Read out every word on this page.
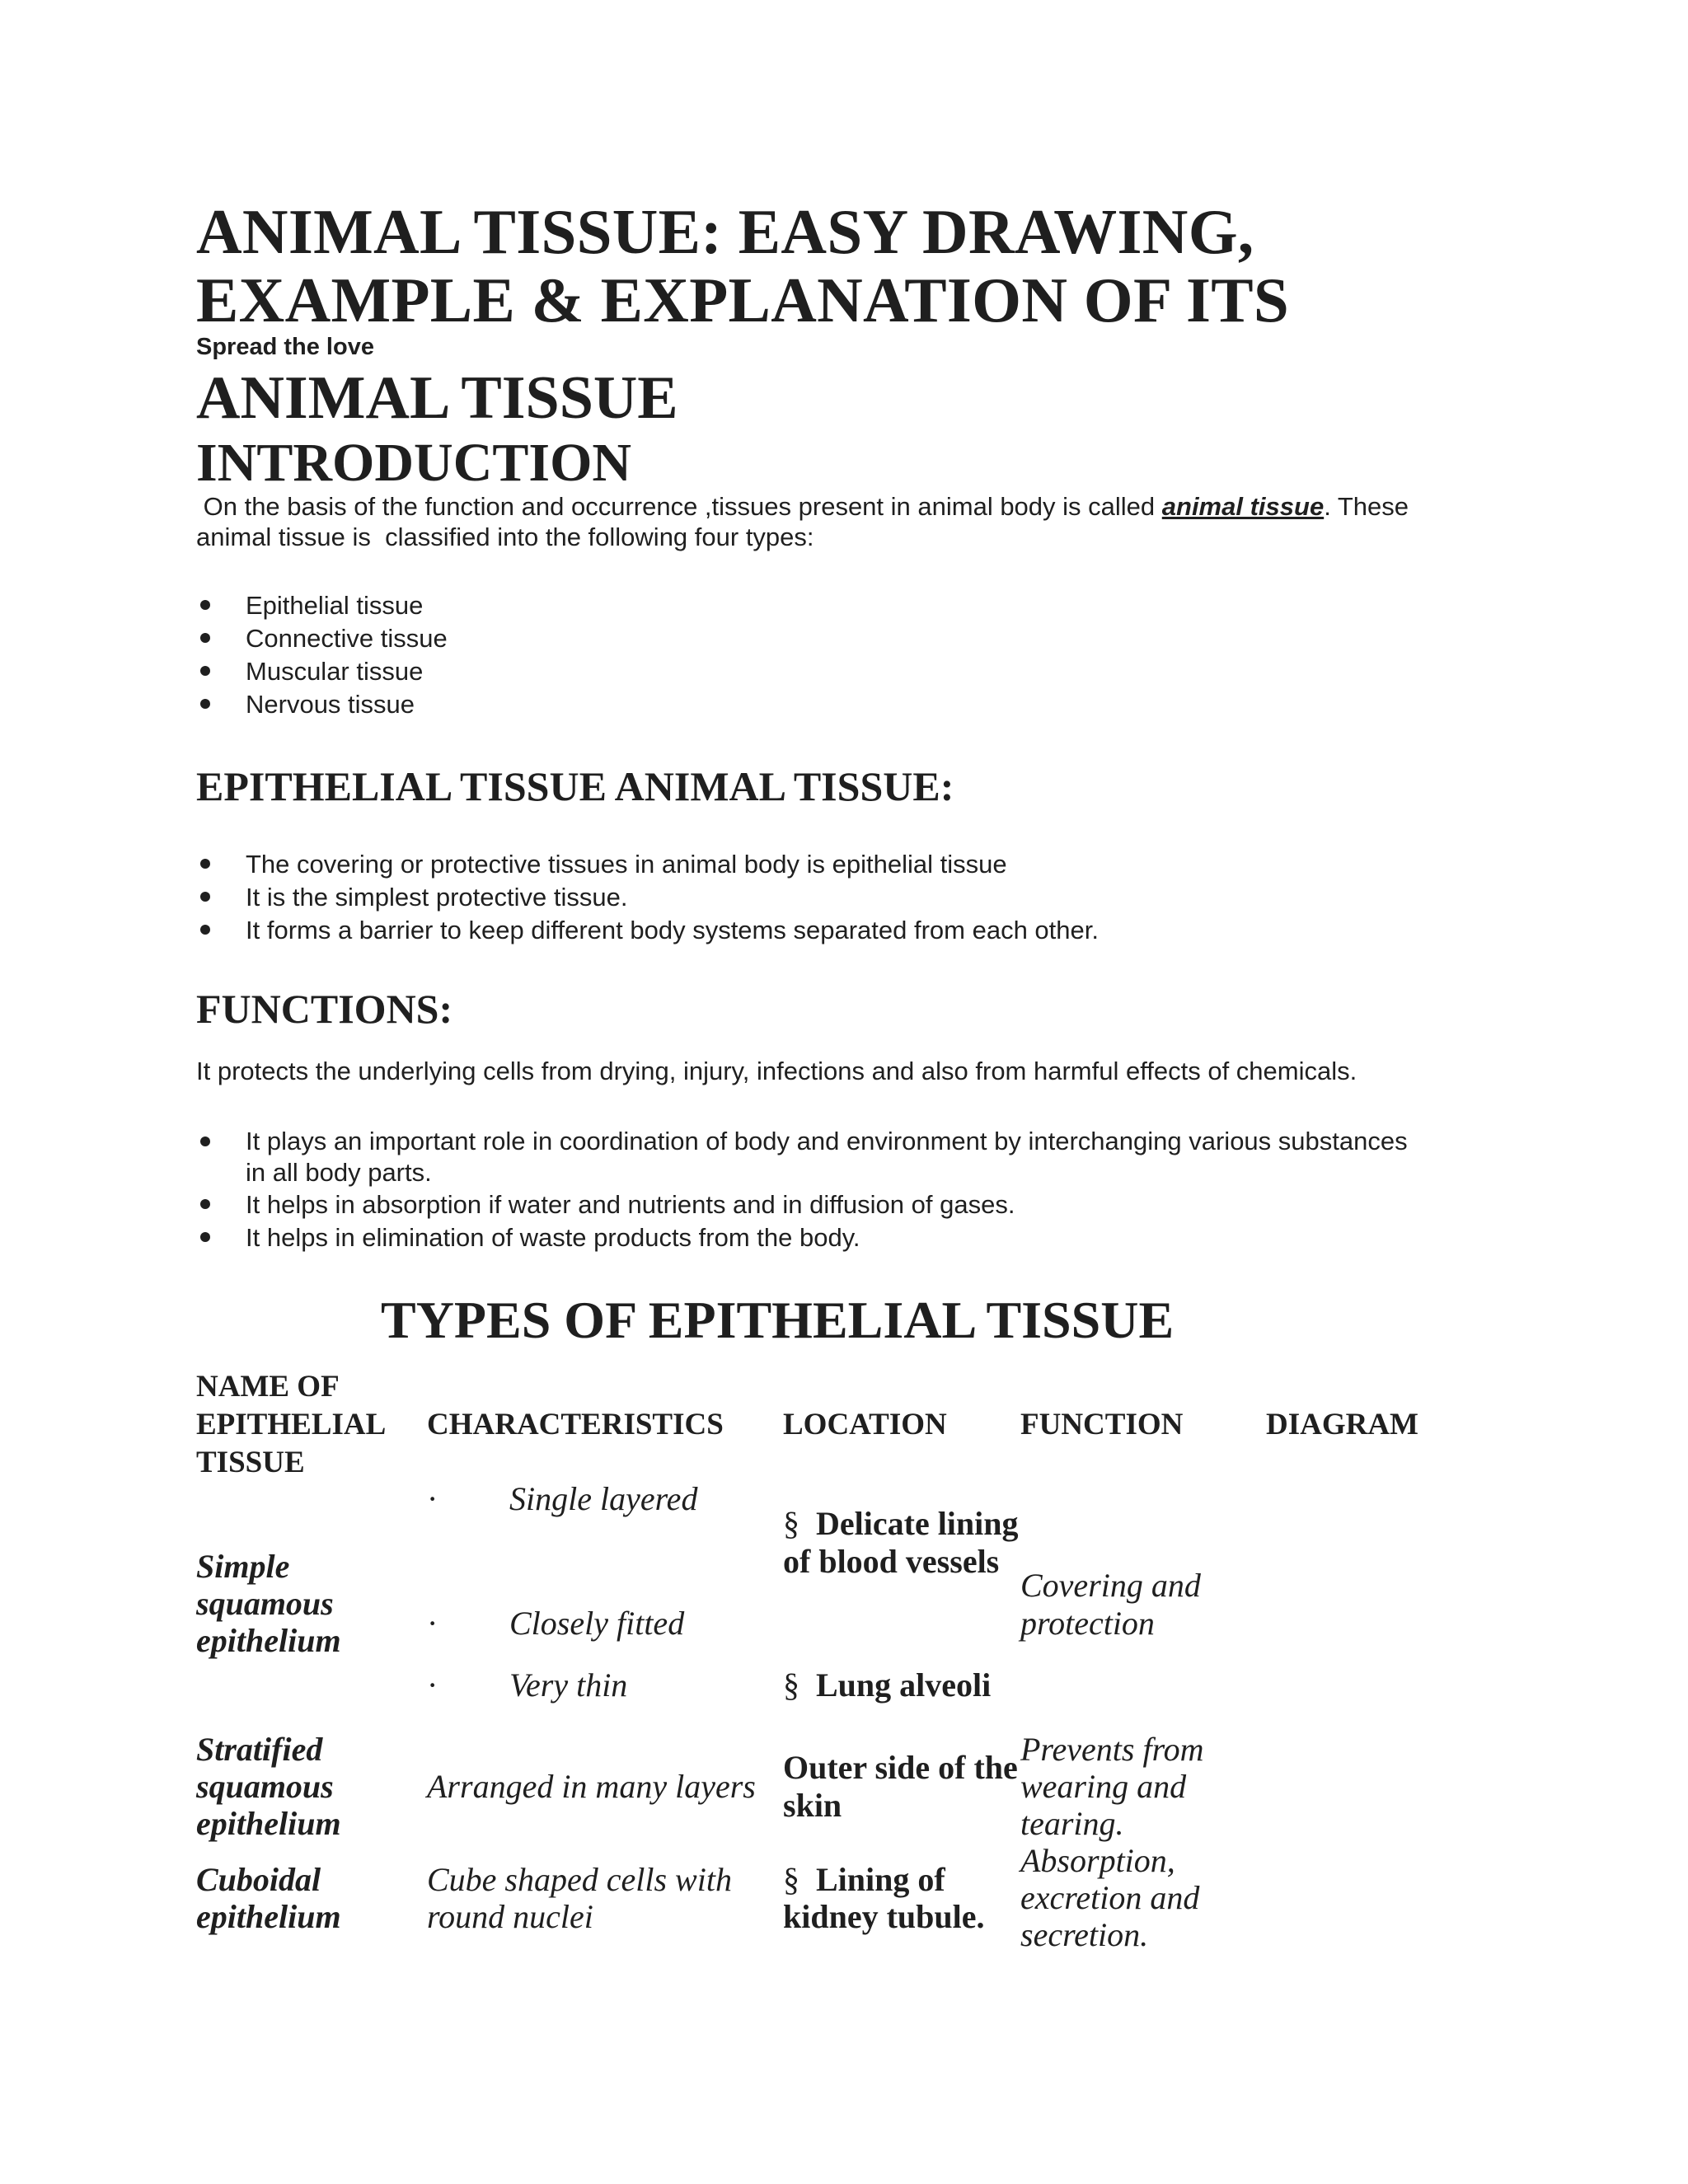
ANIMAL TISSUE: EASY DRAWING,
EXAMPLE & EXPLANATION OF ITS
Spread the love
ANIMAL TISSUE
INTRODUCTION
On the basis of the function and occurrence ,tissues present in animal body is called animal tissue. These
animal tissue is  classified into the following four types:
Epithelial tissue
Connective tissue
Muscular tissue
Nervous tissue
EPITHELIAL TISSUE ANIMAL TISSUE:
The covering or protective tissues in animal body is epithelial tissue
It is the simplest protective tissue.
It forms a barrier to keep different body systems separated from each other.
FUNCTIONS:
It protects the underlying cells from drying, injury, infections and also from harmful effects of chemicals.
It plays an important role in coordination of body and environment by interchanging various substances
in all body parts.
It helps in absorption if water and nutrients and in diffusion of gases.
It helps in elimination of waste products from the body.
TYPES OF EPITHELIAL TISSUE
NAME OF
EPITHELIAL
TISSUE
CHARACTERISTICS LOCATION FUNCTION	DIAGRAM
Simple
squamous
epithelium
· Single layered
· Closely fitted
· Very thin
§ Delicate lining
of blood vessels
§ Lung alveoli
Covering and
protection
Stratified
squamous
epithelium
Arranged in many layers
Outer side of the
skin
Prevents from
wearing and
tearing.
Cuboidal
epithelium
Cube shaped cells with
round nuclei
§ Lining of
kidney tubule.
Absorption,
excretion and
secretion.
